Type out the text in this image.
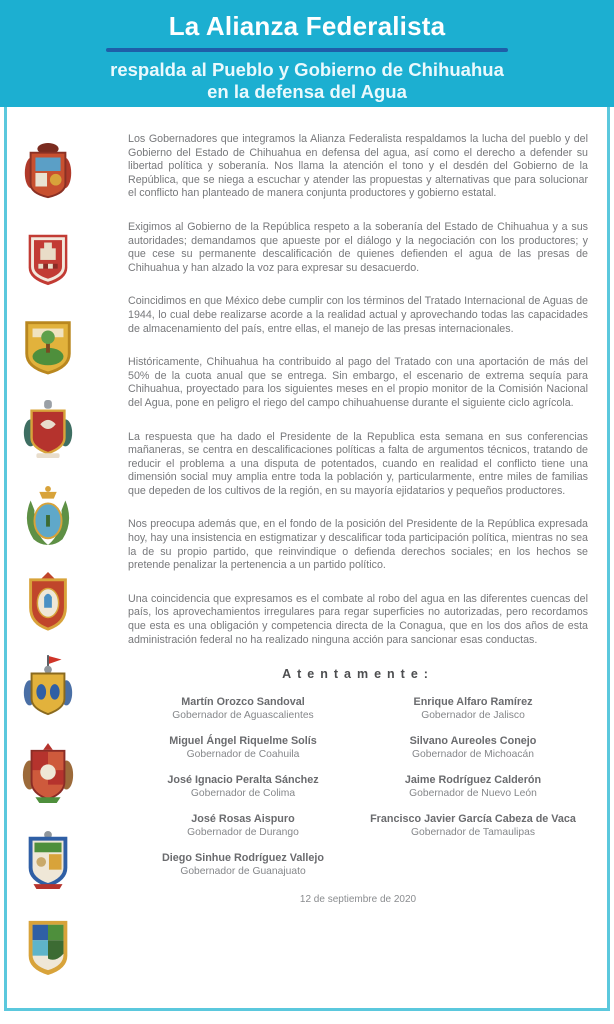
La Alianza Federalista
respalda al Pueblo y Gobierno de Chihuahua
en la defensa del Agua

Los Gobernadores que integramos la Alianza Federalista respaldamos la lucha del pueblo y del Gobierno del Estado de Chihuahua en defensa del agua, así como el derecho a defender su libertad política y soberanía. Nos llama la atención el tono y el desdén del Gobierno de la República, que se niega a escuchar y atender las propuestas y alternativas que para solucionar el conflicto han planteado de manera conjunta productores y gobierno estatal.

Exigimos al Gobierno de la República respeto a la soberanía del Estado de Chihuahua y a sus autoridades; demandamos que apueste por el diálogo y la negociación con los productores; y que cese su permanente descalificación de quienes defienden el agua de las presas de Chihuahua y han alzado la voz para expresar su desacuerdo.

Coincidimos en que México debe cumplir con los términos del Tratado Internacional de Aguas de 1944, lo cual debe realizarse acorde a la realidad actual y aprovechando todas las capacidades de almacenamiento del país, entre ellas, el manejo de las presas internacionales.

Históricamente, Chihuahua ha contribuido al pago del Tratado con una aportación de más del 50% de la cuota anual que se entrega. Sin embargo, el escenario de extrema sequía para Chihuahua, proyectado para los siguientes meses en el propio monitor de la Comisión Nacional del Agua, pone en peligro el riego del campo chihuahuense durante el siguiente ciclo agrícola.

La respuesta que ha dado el Presidente de la Republica esta semana en sus conferencias mañaneras, se centra en descalificaciones políticas a falta de argumentos técnicos, tratando de reducir el problema a una disputa de potentados, cuando en realidad el conflicto tiene una dimensión social muy amplia entre toda la población y, particularmente, entre miles de familias que depeden de los cultivos de la región, en su mayoría ejidatarios y pequeños productores.

Nos preocupa además que, en el fondo de la posición del Presidente de la República expresada hoy, hay una insistencia en estigmatizar y descalificar toda participación política, mientras no sea la de su propio partido, que reinvindique o defienda derechos sociales; en los hechos se pretende penalizar la pertenencia a un partido político.

Una coincidencia que expresamos es el combate al robo del agua en las diferentes cuencas del país, los aprovechamientos irregulares para regar superficies no autorizadas, pero recordamos que esta es una obligación y competencia directa de la Conagua, que en los dos años de esta administración federal no ha realizado ninguna acción para sancionar esas conductas.

Atentamente:
Martín Orozco Sandoval
Gobernador de Aguascalientes
Miguel Ángel Riquelme Solís
Gobernador de Coahuila
José Ignacio Peralta Sánchez
Gobernador de Colima
José Rosas Aispuro
Gobernador de Durango
Diego Sinhue Rodríguez Vallejo
Gobernador de Guanajuato
Enrique Alfaro Ramírez
Gobernador de Jalisco
Silvano Aureoles Conejo
Gobernador de Michoacán
Jaime Rodríguez Calderón
Gobernador de Nuevo León
Francisco Javier García Cabeza de Vaca
Gobernador de Tamaulipas
12 de septiembre de 2020
